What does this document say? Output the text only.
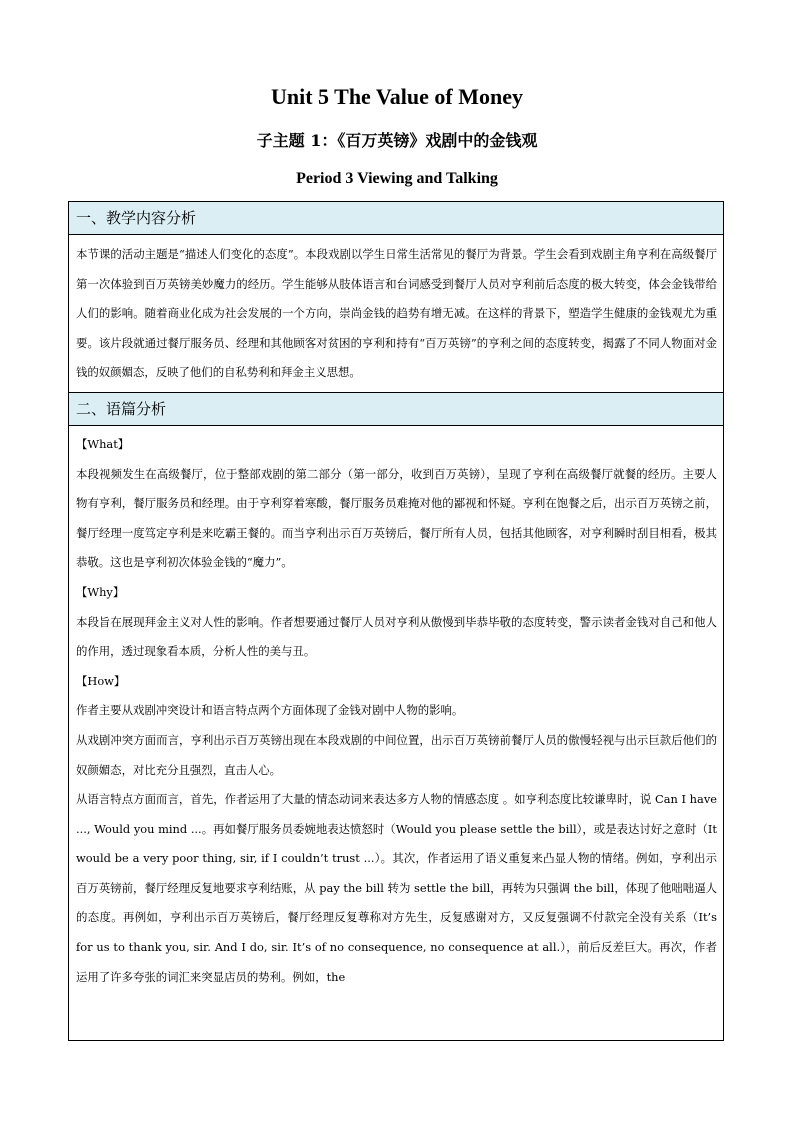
Unit 5 The Value of Money
子主题 1：《百万英镑》戏剧中的金钱观
Period 3 Viewing and Talking
一、教学内容分析

本节课的活动主题是“描述人们变化的态度”。本段戏剧以学生日常生活常见的餐厅为背景。学生会看到戏剧主角亨利在高级餐厅第一次体验到百万英镑美妙魔力的经历。学生能够从肢体语言和台词感受到餐厅人员对亨利前后态度的极大转变，体会金钱带给人们的影响。随着商业化成为社会发展的一个方向，崇尚金钱的趋势有增无减。在这样的背景下，塑造学生健康的金钱观尤为重要。该片段就通过餐厅服务员、经理和其他顾客对贫困的亨利和持有“百万英镑”的亨利之间的态度转变，揭露了不同人物面对金钱的奴颜媚态，反映了他们的自私势利和拜金主义思想。

二、语篇分析
【What】

本段视频发生在高级餐厅，位于整部戏剧的第二部分（第一部分，收到百万英镑），呈现了亨利在高级餐厅就餐的经历。主要人物有亨利，餐厅服务员和经理。由于亨利穿着寒酸，餐厅服务员难掩对他的鄙视和怀疑。亨利在饱餐之后，出示百万英镑之前，餐厅经理一度笃定亨利是来吃霸王餐的。而当亨利出示百万英镑后，餐厅所有人员，包括其他顾客，对亨利瞬时刮目相看，极其恭敬。这也是亨利初次体验金钱的“魔力”。

【Why】

本段旨在展现拜金主义对人性的影响。作者想要通过餐厅人员对亨利从傲慢到毕恭毕敬的态度转变，警示读者金钱对自己和他人的作用，透过现象看本质，分析人性的美与丑。

【How】

作者主要从戏剧冲突设计和语言特点两个方面体现了金钱对剧中人物的影响。

从戏剧冲突方面而言，亨利出示百万英镑出现在本段戏剧的中间位置，出示百万英镑前餐厅人员的傲慢轻视与出示巨款后他们的奴颜媚态，对比充分且强烈，直击人心。

从语言特点方面而言，首先，作者运用了大量的情态动词来表达多方人物的情感态度 。如亨利态度比较谦卑时，说 Can I have ..., Would you mind ...。再如餐厅服务员委婉地表达愤怒时（Would you please settle the bill），或是表达讨好之意时（It would be a very poor thing, sir, if I couldn’t trust ...）。其次，作者运用了语义重复来凸显人物的情绪。例如，亨利出示百万英镑前，餐厅经理反复地要求亨利结账，从 pay the bill 转为 settle the bill，再转为只强调 the bill，体现了他咄咄逼人的态度。再例如，亨利出示百万英镑后，餐厅经理反复尊称对方先生，反复感谢对方，又反复强调不付款完全没有关系（It’s for us to thank you, sir. And I do, sir. It’s of no consequence, no consequence at all.），前后反差巨大。再次，作者运用了许多夸张的词汇来突显店员的势利。例如，the
